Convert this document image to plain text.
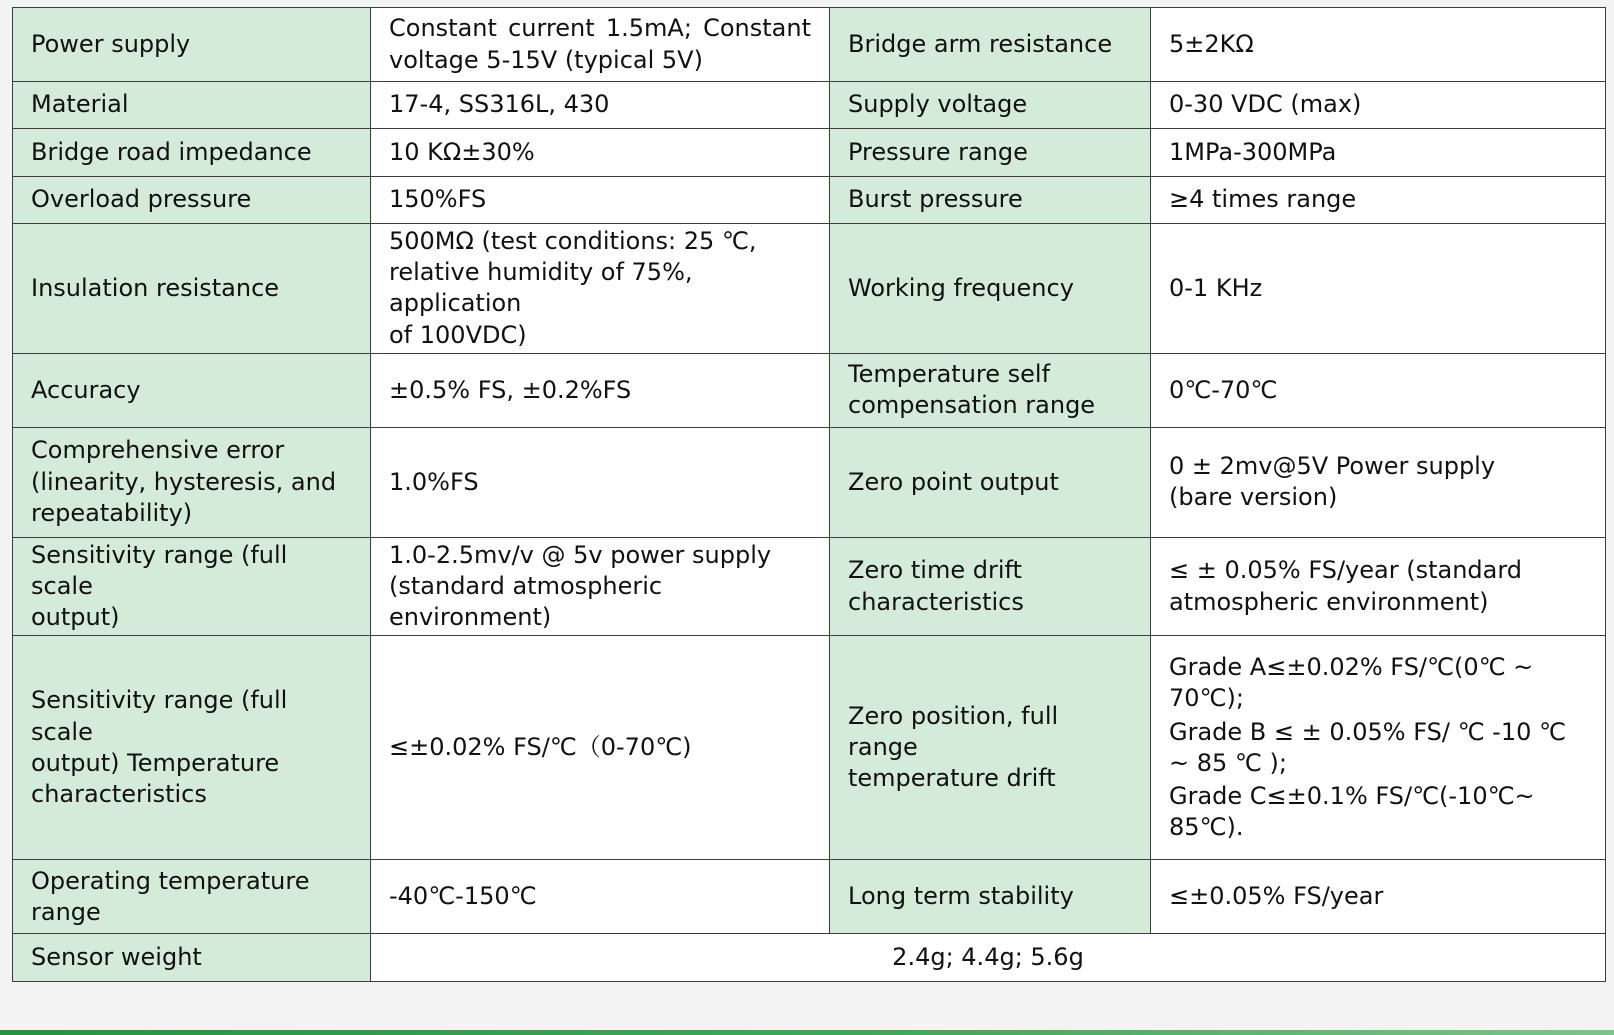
Power supply	Constant current 1.5mA; Constant
voltage 5-15V (typical 5V)	Bridge arm resistance	5±2KΩ
Material	17-4, SS316L, 430	Supply voltage	0-30 VDC (max)
Bridge road impedance	10 KΩ±30%	Pressure range	1MPa-300MPa
Overload pressure	150%FS	Burst pressure	≥4 times range
Insulation resistance	500MΩ (test conditions: 25 ℃,
relative humidity of 75%, application
of 100VDC)	Working frequency	0-1 KHz
Accuracy	±0.5% FS, ±0.2%FS	Temperature self
compensation range	0℃-70℃

Comprehensive error
(linearity, hysteresis, and
repeatability)	1.0%FS	Zero point output	0 ± 2mv@5V Power supply
(bare version)

Sensitivity range (full scale
output)	1.0-2.5mv/v @ 5v power supply
(standard atmospheric environment)	Zero time drift
characteristics	≤ ± 0.05% FS/year (standard
atmospheric environment)

Sensitivity range (full scale
output) Temperature
characteristics	≤±0.02% FS/℃（0-70℃)	Zero position, full range
temperature drift	Grade A≤±0.02% FS/℃(0℃ ~ 70℃);
Grade B ≤ ± 0.05% FS/ ℃ -10 ℃ ~ 85 ℃ );
Grade C≤±0.1% FS/℃(-10℃~ 85℃).

Operating temperature
range	-40℃-150℃	Long term stability	≤±0.05% FS/year
Sensor weight	2.4g; 4.4g; 5.6g		
